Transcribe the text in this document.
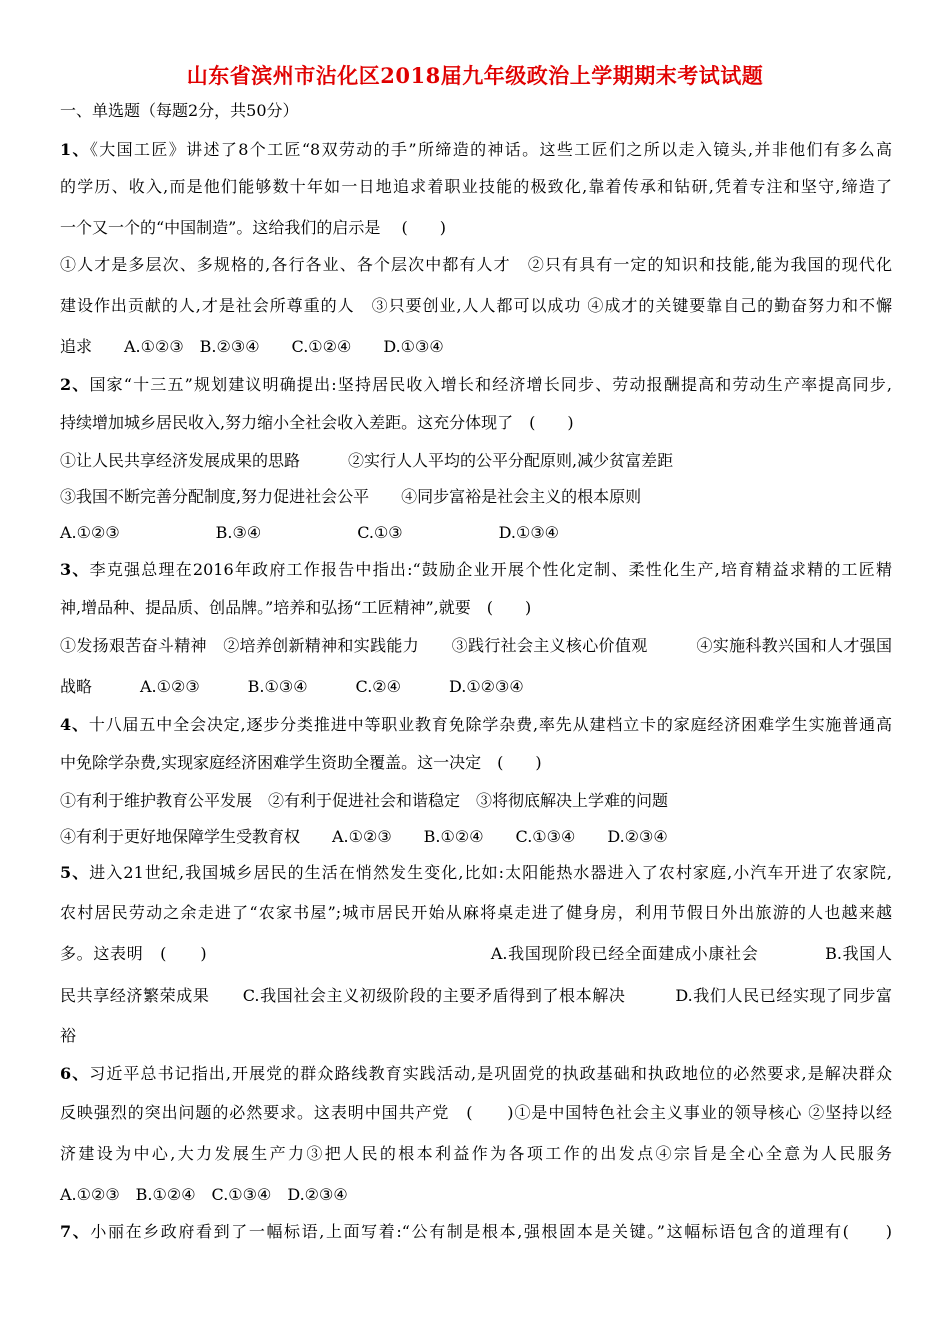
山东省滨州市沾化区2018届九年级政治上学期期末考试试题
一、单选题（每题2分，共50分）
1、《大国工匠》讲述了8个工匠“8双劳动的手”所缔造的神话。这些工匠们之所以走入镜头,并非他们有多么高
的学历、收入,而是他们能够数十年如一日地追求着职业技能的极致化,靠着传承和钻研,凭着专注和坚守,缔造了
一个又一个的“中国制造”。这给我们的启示是 　(　　)
①人才是多层次、多规格的,各行各业、各个层次中都有人才　②只有具有一定的知识和技能,能为我国的现代化
建设作出贡献的人,才是社会所尊重的人　③只要创业,人人都可以成功 ④成才的关键要靠自己的勤奋努力和不懈
追求　　A.①②③　B.②③④　　C.①②④　　D.①③④
2、国家“十三五”规划建议明确提出:坚持居民收入增长和经济增长同步、劳动报酬提高和劳动生产率提高同步,
持续增加城乡居民收入,努力缩小全社会收入差距。这充分体现了　(　　)
①让人民共享经济发展成果的思路　　　②实行人人平均的公平分配原则,减少贫富差距
③我国不断完善分配制度,努力促进社会公平　　④同步富裕是社会主义的根本原则
A.①②③　　　　　　B.③④　　　　　　C.①③　　　　　　D.①③④
3、李克强总理在2016年政府工作报告中指出:“鼓励企业开展个性化定制、柔性化生产,培育精益求精的工匠精
神,增品种、提品质、创品牌。”培养和弘扬“工匠精神”,就要　(　　)
①发扬艰苦奋斗精神　②培养创新精神和实践能力　　③践行社会主义核心价值观　　　④实施科教兴国和人才强国
战略　　　A.①②③　　　B.①③④　　　C.②④　　　D.①②③④
4、十八届五中全会决定,逐步分类推进中等职业教育免除学杂费,率先从建档立卡的家庭经济困难学生实施普通高
中免除学杂费,实现家庭经济困难学生资助全覆盖。这一决定　(　　)
①有利于维护教育公平发展　②有利于促进社会和谐稳定　③将彻底解决上学难的问题
④有利于更好地保障学生受教育权　　A.①②③　　B.①②④　　C.①③④　　D.②③④
5、进入21世纪,我国城乡居民的生活在悄然发生变化,比如:太阳能热水器进入了农村家庭,小汽车开进了农家院,
农村居民劳动之余走进了“农家书屋”;城市居民开始从麻将桌走进了健身房，利用节假日外出旅游的人也越来越
多。这表明　(　　)　　　　　　　　　　　　　　　　　A.我国现阶段已经全面建成小康社会　　　　B.我国人
民共享经济繁荣成果　　C.我国社会主义初级阶段的主要矛盾得到了根本解决　　　D.我们人民已经实现了同步富
裕
6、习近平总书记指出,开展党的群众路线教育实践活动,是巩固党的执政基础和执政地位的必然要求,是解决群众
反映强烈的突出问题的必然要求。这表明中国共产党　(　　)①是中国特色社会主义事业的领导核心 ②坚持以经
济建设为中心,大力发展生产力③把人民的根本利益作为各项工作的出发点④宗旨是全心全意为人民服务
A.①②③　B.①②④　C.①③④　D.②③④
7、小丽在乡政府看到了一幅标语,上面写着:“公有制是根本,强根固本是关键。”这幅标语包含的道理有(　　)
